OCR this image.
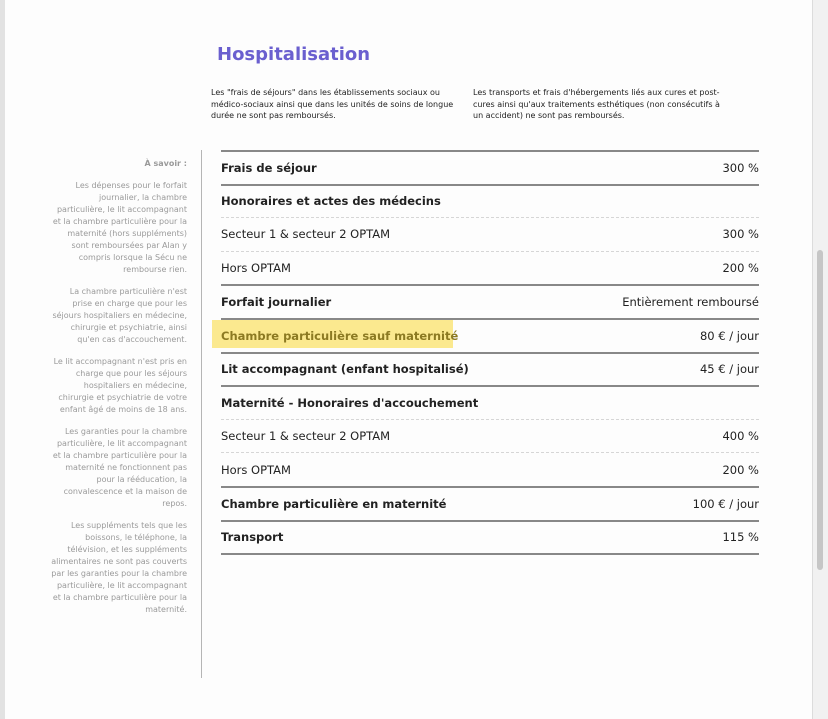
Hospitalisation
Les "frais de séjours" dans les établissements sociaux ou médico-sociaux ainsi que dans les unités de soins de longue durée ne sont pas remboursés.
Les transports et frais d'hébergements liés aux cures et post-cures ainsi qu'aux traitements esthétiques (non consécutifs à un accident) ne sont pas remboursés.
À savoir :

Les dépenses pour le forfait journalier, la chambre particulière, le lit accompagnant et la chambre particulière pour la maternité (hors suppléments) sont remboursées par Alan y compris lorsque la Sécu ne rembourse rien.

La chambre particulière n'est prise en charge que pour les séjours hospitaliers en médecine, chirurgie et psychiatrie, ainsi qu'en cas d'accouchement.

Le lit accompagnant n'est pris en charge que pour les séjours hospitaliers en médecine, chirurgie et psychiatrie de votre enfant âgé de moins de 18 ans.

Les garanties pour la chambre particulière, le lit accompagnant et la chambre particulière pour la maternité ne fonctionnent pas pour la rééducation, la convalescence et la maison de repos.

Les suppléments tels que les boissons, le téléphone, la télévision, et les suppléments alimentaires ne sont pas couverts par les garanties pour la chambre particulière, le lit accompagnant et la chambre particulière pour la maternité.

Frais de séjour	300 %
Honoraires et actes des médecins
Secteur 1 & secteur 2 OPTAM	300 %
Hors OPTAM	200 %
Forfait journalier	Entièrement remboursé
Chambre particulière sauf maternité	80 € / jour
Lit accompagnant (enfant hospitalisé)	45 € / jour
Maternité - Honoraires d'accouchement
Secteur 1 & secteur 2 OPTAM	400 %
Hors OPTAM	200 %
Chambre particulière en maternité	100 € / jour
Transport	115 %
